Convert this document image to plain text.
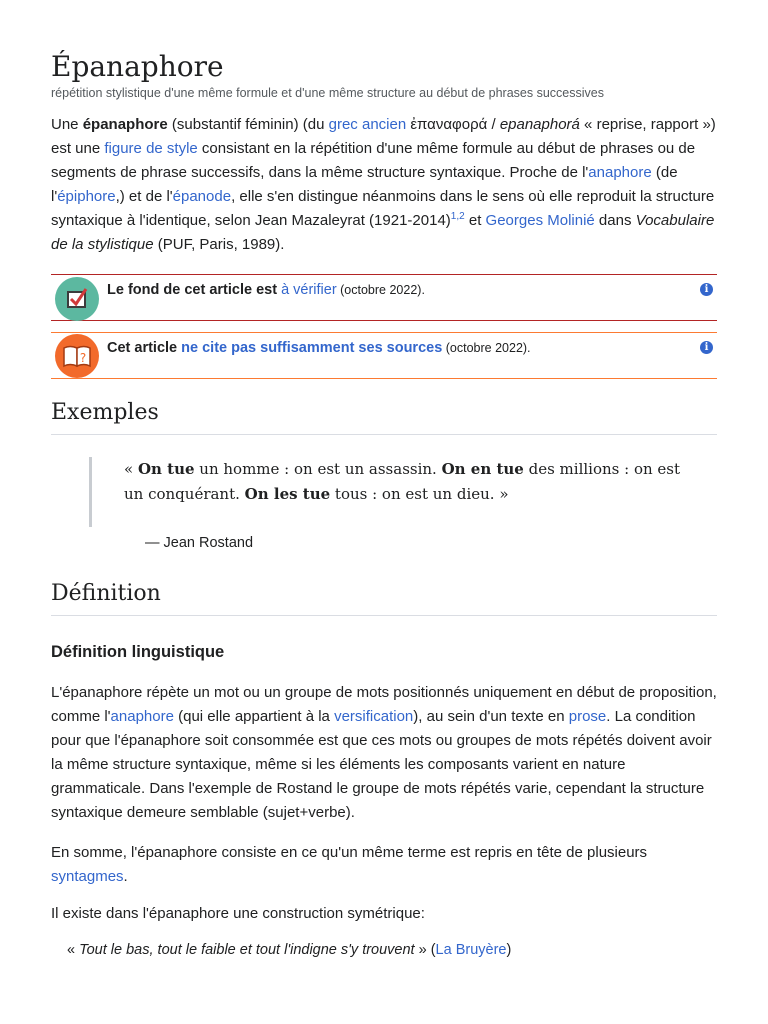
Épanaphore
répétition stylistique d'une même formule et d'une même structure au début de phrases successives
Une épanaphore (substantif féminin) (du grec ancien ἐπαναφορά / epanaphorá « reprise, rapport ») est une figure de style consistant en la répétition d'une même formule au début de phrases ou de segments de phrase successifs, dans la même structure syntaxique. Proche de l'anaphore (de l'épiphore,) et de l'épanode, elle s'en distingue néanmoins dans le sens où elle reproduit la structure syntaxique à l'identique, selon Jean Mazaleyrat (1921-2014)$^{1,2}$ et Georges Molinié dans Vocabulaire de la stylistique (PUF, Paris, 1989).
Le fond de cet article est à vérifier (octobre 2022).	i
?
Cet article ne cite pas suffisamment ses sources (octobre 2022).	i
Exemples
« On tue un homme : on est un assassin. On en tue des millions : on est un conquérant. On les tue tous : on est un dieu. »
— Jean Rostand
Définition
Définition linguistique
L'épanaphore répète un mot ou un groupe de mots positionnés uniquement en début de proposition, comme l'anaphore (qui elle appartient à la versification), au sein d'un texte en prose. La condition pour que l'épanaphore soit consommée est que ces mots ou groupes de mots répétés doivent avoir la même structure syntaxique, même si les éléments les composants varient en nature grammaticale. Dans l'exemple de Rostand le groupe de mots répétés varie, cependant la structure syntaxique demeure semblable (sujet+verbe).
En somme, l'épanaphore consiste en ce qu'un même terme est repris en tête de plusieurs syntagmes.
Il existe dans l'épanaphore une construction symétrique:
« Tout le bas, tout le faible et tout l'indigne s'y trouvent » (La Bruyère)
